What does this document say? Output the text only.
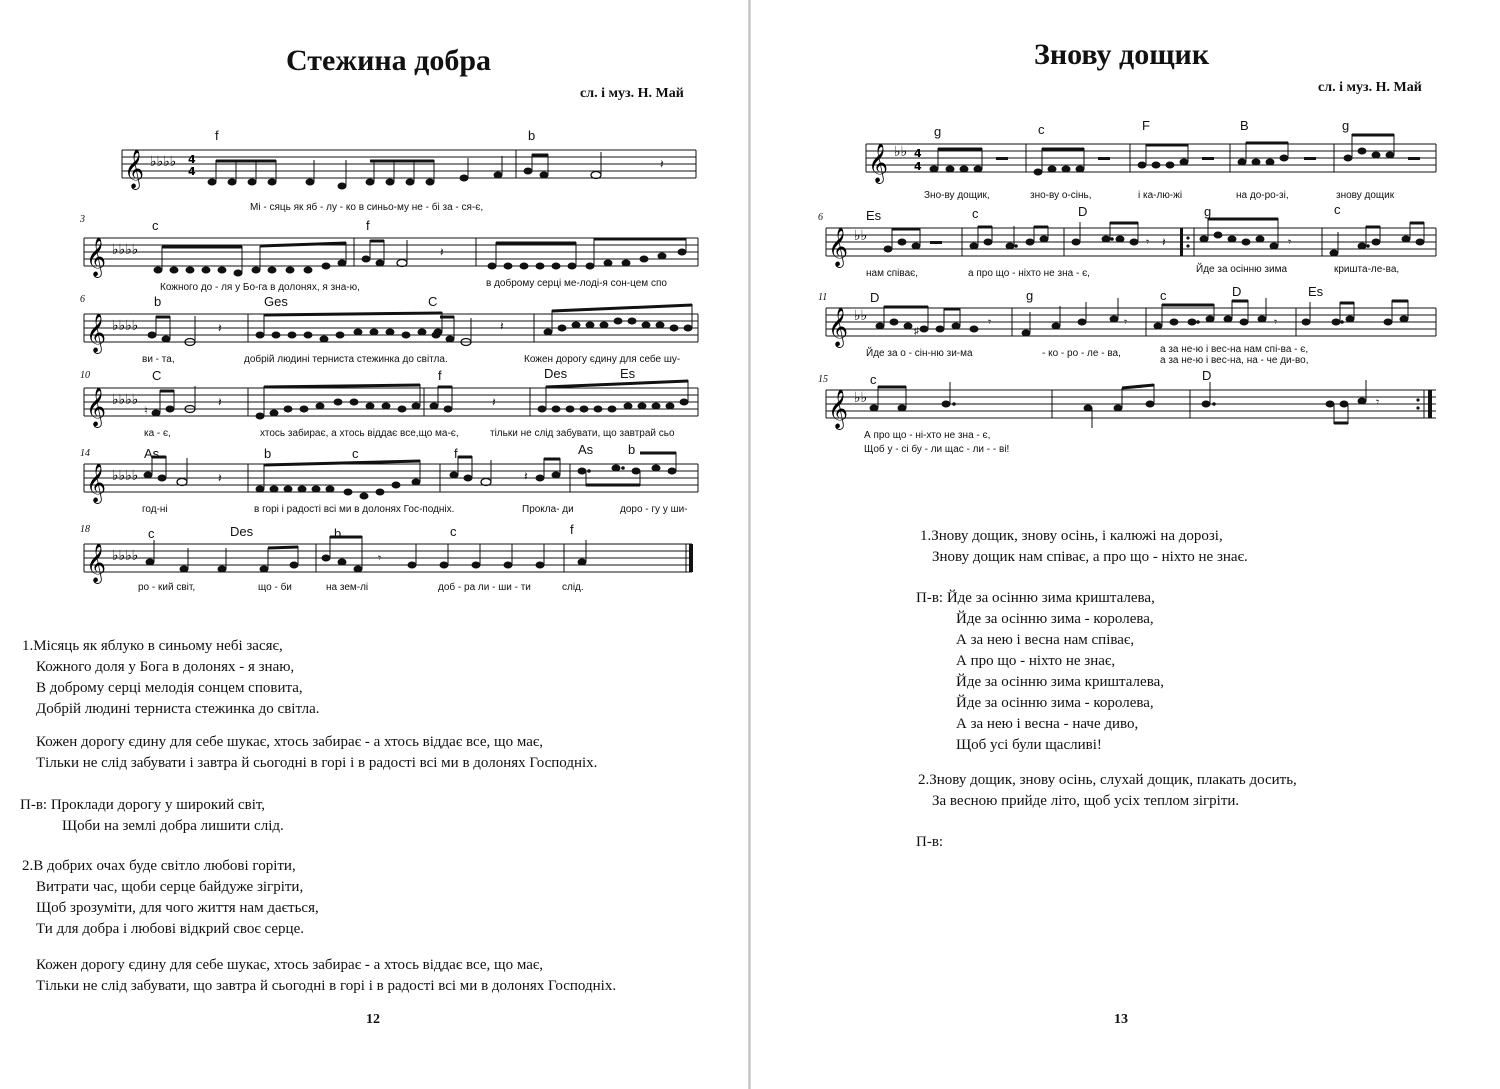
Стежина добра
сл. і муз. Н. Май
f	b
𝄞 ♭♭♭♭ 4
4
𝄽
Мі - сяць як яб - лу - ко в синьо-му не - бі за - ся-є,
3	c	f
𝄞 ♭♭♭♭	𝄽
Кожного до - ля у Бо-га в долонях, я зна-ю,	в доброму серці ме-лоді-я сон-цем спо
6	b	Ges	C
𝄞 ♭♭♭♭	𝄽	𝄽
ви - та,	добрій людині терниста стежинка до світла.	Кожен дорогу єдину для себе шу-
10	C	f	Des	Es
𝄞 ♭♭♭♭
♮
𝄽	𝄽
ка - є,	хтось забирає, а хтось віддає все,що ма-є,	тільки не слід забувати, що завтрай сьо
14	As	b	c	f	As	b
𝄞 ♭♭♭♭	𝄽	𝄽
год-ні	в горі і радості всі ми в долонях Гос-подніх.	Прокла- ди	доро - гу у ши-
18	c	Des	b	c	f
𝄞 ♭♭♭♭	𝄾
ро - кий світ,	що - би	на зем-лі	доб - ра ли - ши - ти	слід.
1.Місяць як яблуко в синьому небі засяє,
Кожного доля у Бога в долонях - я знаю,
В доброму серці мелодія сонцем сповита,
Добрій людині терниста стежинка до світла.
Кожен дорогу єдину для себе шукає, хтось забирає - а хтось віддає все, що має,
Тільки не слід забувати і завтра й сьогодні в горі і в радості всі ми в долонях Господніх.
П-в: Проклади дорогу у широкий світ,
Щоби на землі добра лишити слід.
2.В добрих очах буде світло любові горіти,
Витрати час, щоби серце байдуже зігріти,
Щоб зрозуміти, для чого життя нам дається,
Ти для добра і любові відкрий своє серце.
Кожен дорогу єдину для себе шукає, хтось забирає - а хтось віддає все, що має,
Тільки не слід забувати, що завтра й сьогодні в горі і в радості всі ми в долонях Господніх.
12
Знову дощик
сл. і муз. Н. Май
g	c	F	B	g
𝄞 ♭♭ 4
4
Зно-ву дощик,	зно-ву о-сінь,	і ка-лю-жі	на до-ро-зі,	знову дощик
6	Es	c	D	g	c
𝄞 ♭♭	𝄾 𝄽	𝄾
нам співає,	а про що - ніхто не зна - є,	Йде за осінню зима	кришта-ле-ва,
11	D	g	c	D	Es
𝄞 ♭♭
♯
𝄾	𝄾	𝄾
Йде за о - сін-ню зи-ма	- ко - ро - ле - ва,	а за не-ю і вес-на нам спі-ва - є,
а за не-ю і вес-на, на - че ди-во,
15	c	D
𝄞 ♭♭	𝄾
А про що - ні-хто не зна - є,
Щоб у - сі бу - ли щас - ли - - ві!
1.Знову дощик, знову осінь, і калюжі на дорозі,
Знову дощик нам співає, а про що - ніхто не знає.
П-в: Йде за осінню зима кришталева,
Йде за осінню зима - королева,
А за нею і весна нам співає,
А про що - ніхто не знає,
Йде за осінню зима кришталева,
Йде за осінню зима - королева,
А за нею і весна - наче диво,
Щоб усі були щасливі!
2.Знову дощик, знову осінь, слухай дощик, плакать досить,
За весною прийде літо, щоб усіх теплом зігріти.
П-в:
13
